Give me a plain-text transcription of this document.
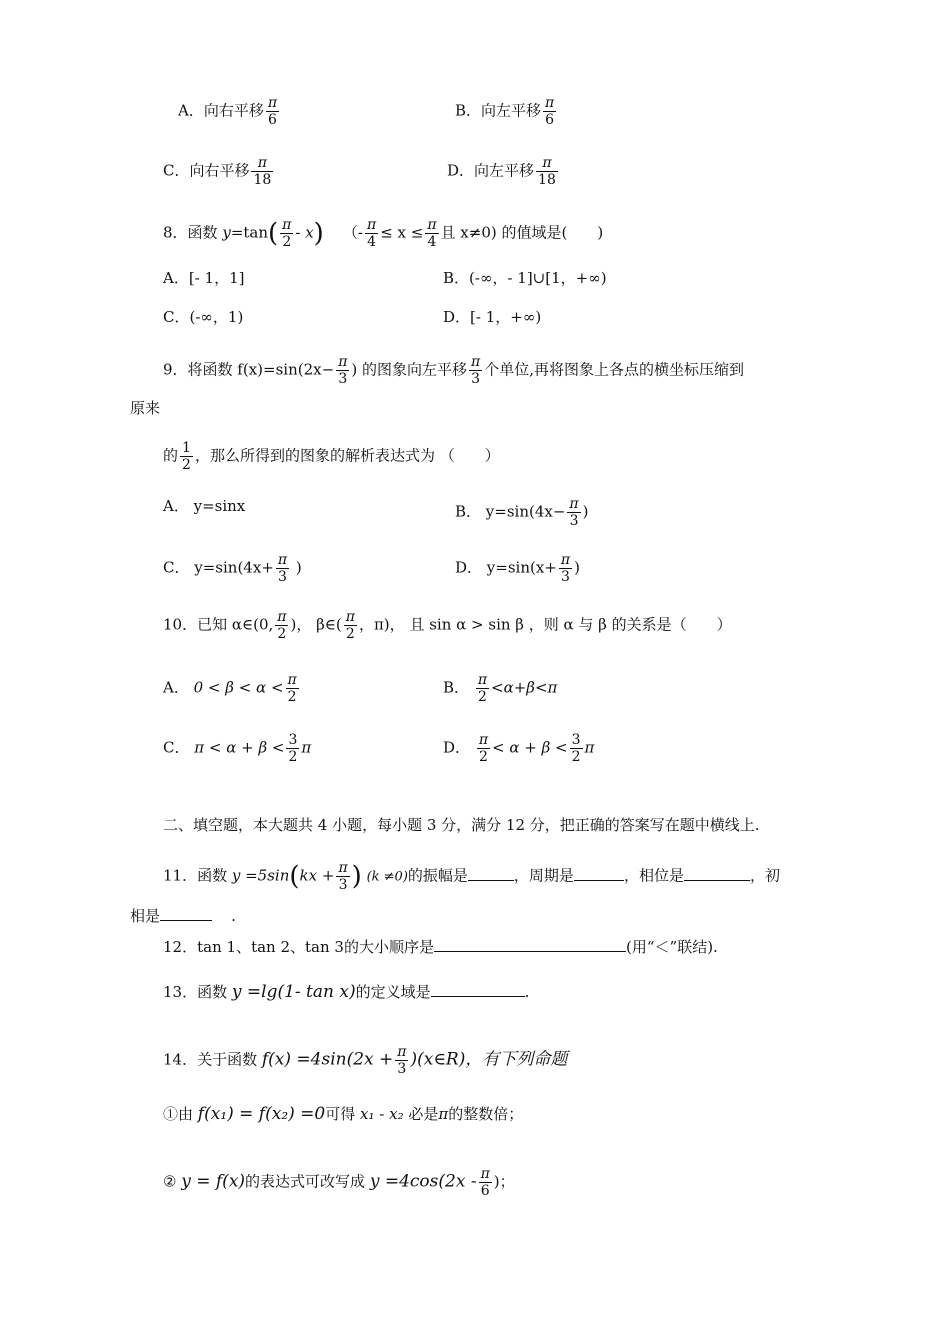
A．向右平移 $\frac{\pi}{6}$	B．向左平移 $\frac{\pi}{6}$
C．向右平移 $\frac{\pi}{18}$	D．向左平移 $\frac{\pi}{18}$
8．函数 $y=\tan( \frac{\pi}{2} - x)$ （- $\frac{\pi}{4} \le x \le \frac{\pi}{4}$ 且 x≠0) 的值域是(　　)
A．[- 1，1]	B．(-∞，- 1]∪[1，+∞)
C．(-∞，1)	D．[- 1，+∞)
9．将函数 $f(x)=\sin(2x- \frac{\pi}{3}$ ) 的图象向左平移 $\frac{\pi}{3}$ 个单位,再将图象上各点的横坐标压缩到
原来
的 $\frac{1}{2}$ ，那么所得到的图象的解析表达式为 （　　）
A． y=sinx	B． $y=\sin(4x- \frac{\pi}{3}$ )
C． $y=\sin(4x+ \frac{\pi}{3}$ )	D． $y=\sin(x+ \frac{\pi}{3}$ )
10．已知 α∈(0, $\frac{\pi}{2}$ )， β∈( $\frac{\pi}{2}$ ，π)， 且 sin α > sin β ，则 α 与 β 的关系是（　　）
A． $0 < \beta < \alpha < \frac{\pi}{2}$	B． $\frac{\pi}{2} <\alpha+\beta<\pi$
C． $\pi < \alpha + \beta < \frac{3}{2}$ π	D． $\frac{\pi}{2} < \alpha + \beta < \frac{3}{2}$ π
二、填空题，本大题共 4 小题，每小题 3 分，满分 12 分，把正确的答案写在题中横线上.
11．函数 $y =5\sin(kx + \frac{\pi}{3}$ ) (k ≠0)的振幅是	，周期是	，相位是	，初
相是	.
12．tan 1、tan 2、tan 3的大小顺序是	(用“＜”联结).
13．函数 y =lg(1- tan x)的定义域是	.
14．关于函数 $f(x) =4\sin(2x + \frac{\pi}{3}$ )(x∈R)，有下列命题
①由 f(x₁) = f(x₂) =0可得 x₁ - x₂ 必是π的整数倍；
② y = f(x)的表达式可改写成 $y =4\cos(2x - \frac{\pi}{6}$ )；
